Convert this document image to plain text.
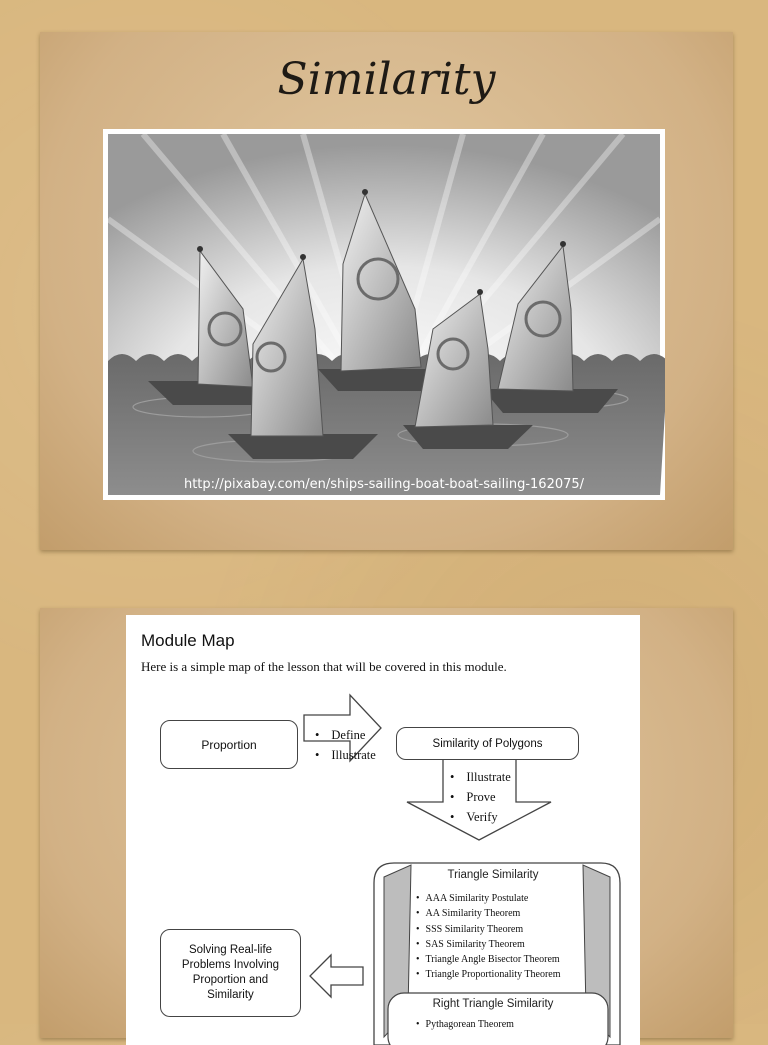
Similarity
http://pixabay.com/en/ships-sailing-boat-boat-sailing-162075/
Module Map
Here is a simple map of the lesson that will be covered in this module.
Proportion
• Define
• Illustrate
Similarity of Polygons
• Illustrate
• Prove
• Verify
Triangle Similarity
• AAA Similarity Postulate
• AA Similarity Theorem
• SSS Similarity Theorem
• SAS Similarity Theorem
• Triangle Angle Bisector Theorem
• Triangle Proportionality Theorem
Right Triangle Similarity
• Pythagorean Theorem
Solving Real-life
Problems Involving
Proportion and
Similarity
